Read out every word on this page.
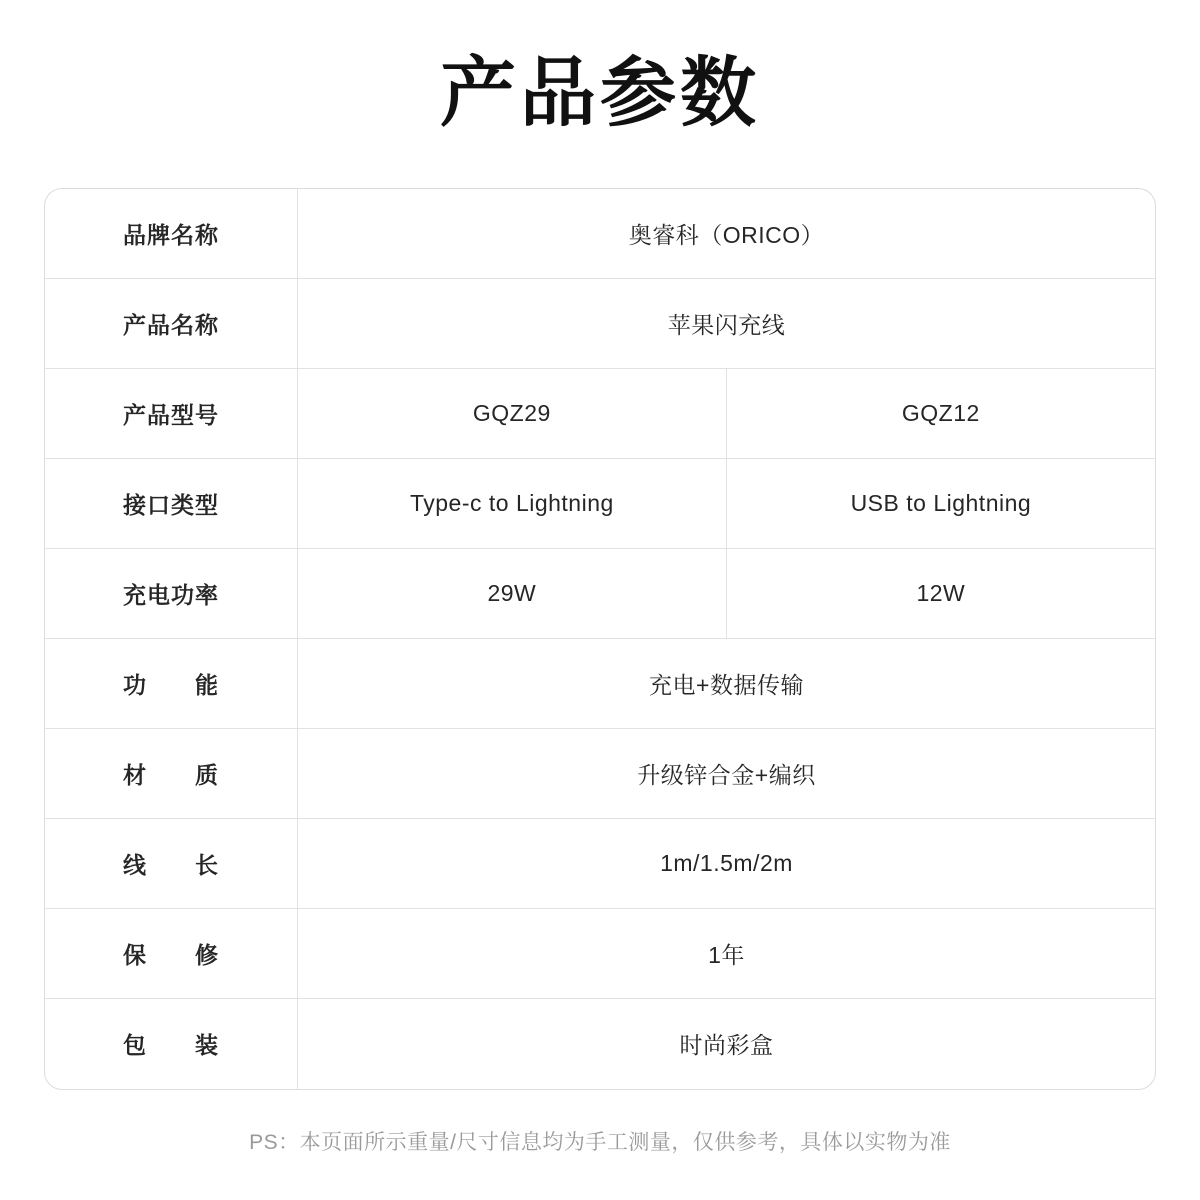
产品参数
品牌名称	奥睿科（ORICO）	
产品名称	苹果闪充线	
产品型号	GQZ29	GQZ12
接口类型	Type-c to Lightning	USB to Lightning
充电功率	29W	12W
功　　能	充电+数据传输	
材　　质	升级锌合金+编织	
线　　长	1m/1.5m/2m	
保　　修	1年	
包　　装	时尚彩盒	
PS：本页面所示重量/尺寸信息均为手工测量，仅供参考，具体以实物为准
